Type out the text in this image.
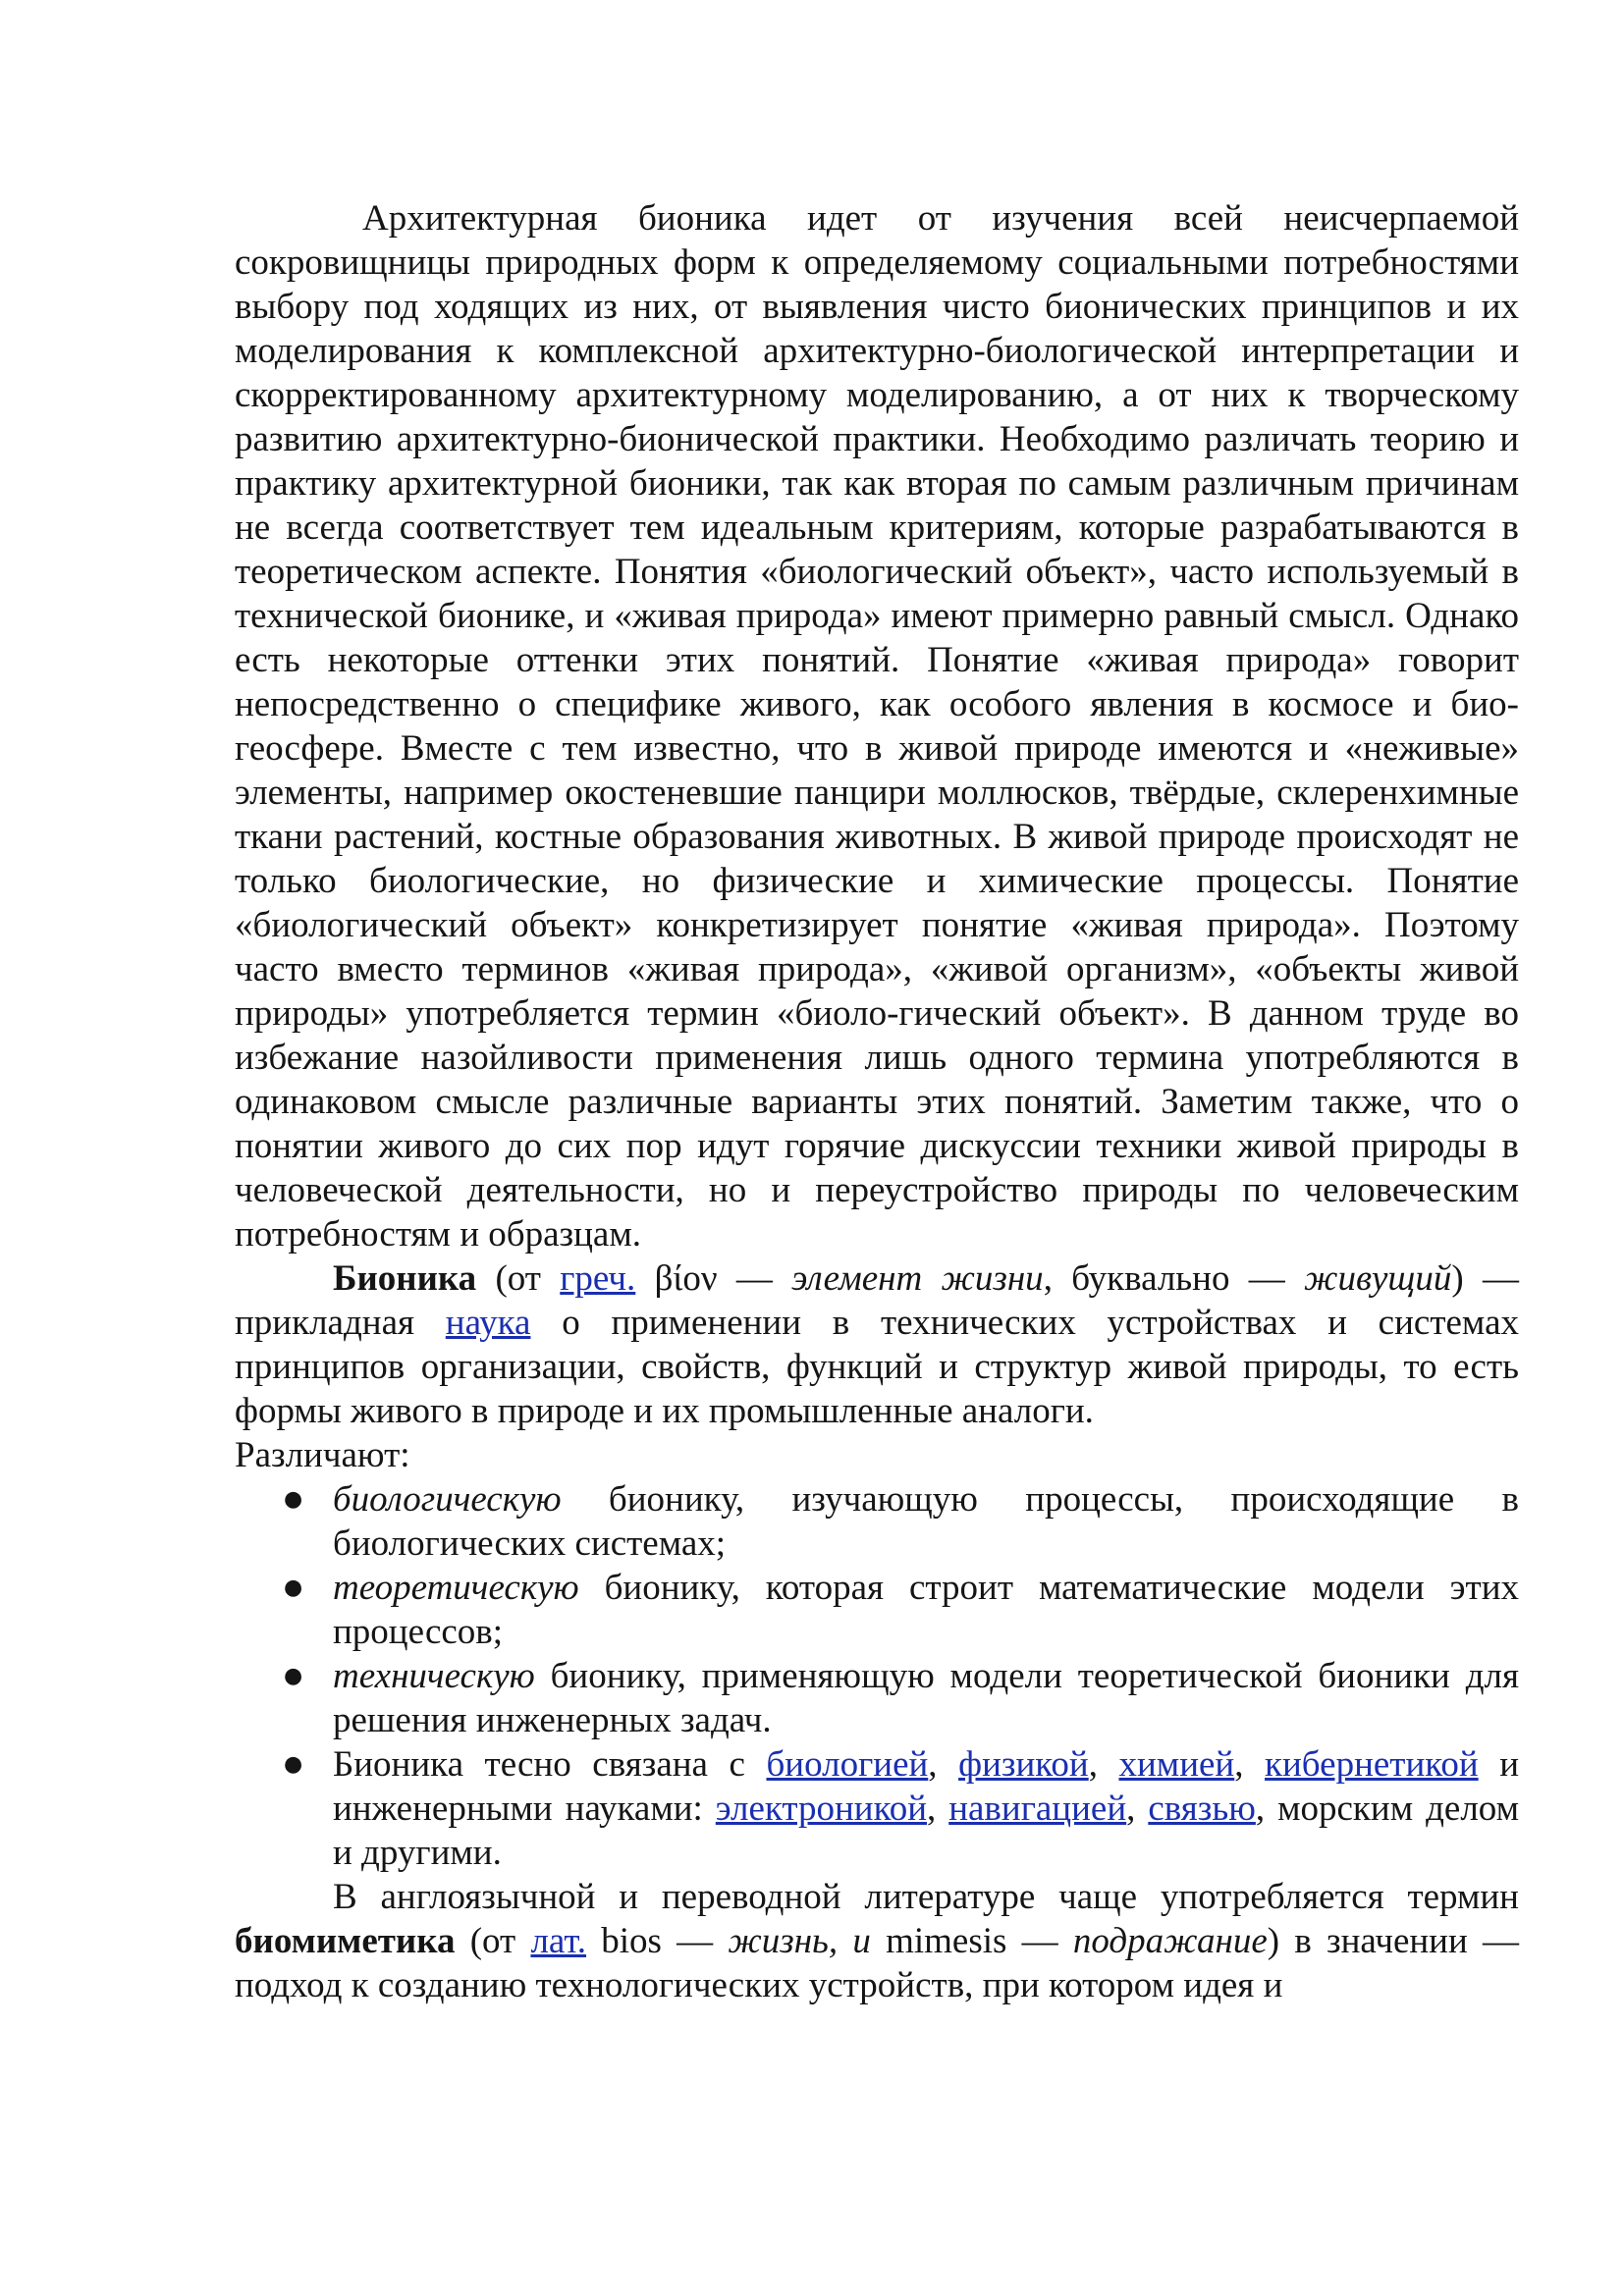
Архитектурная бионика идет от изучения всей неисчерпаемой сокровищницы природных форм к определяемому социальными потребностями выбору под ходящих из них, от выявления чисто бионических принципов и их моделирования к комплексной архитектурно-биологической интерпретации и скорректированному архитектурному моделированию, а от них к творческому развитию архитектурно-бионической практики. Необходимо различать теорию и практику архитектурной бионики, так как вторая по самым различным причинам не всегда соответствует тем идеальным критериям, которые разрабатываются в теоретическом аспекте. Понятия «биологический объект», часто используемый в технической бионике, и «живая природа» имеют примерно равный смысл. Однако есть некоторые оттенки этих понятий. Понятие «живая природа» говорит непосредственно о специфике живого, как особого явления в космосе и био-геосфере. Вместе с тем известно, что в живой природе имеются и «неживые» элементы, например окостеневшие панцири моллюсков, твёрдые, склеренхимные ткани растений, костные образования животных. В живой природе происходят не только биологические, но физические и химические процессы. Понятие «биологический объект» конкретизирует понятие «живая природа». Поэтому часто вместо терминов «живая природа», «живой организм», «объекты живой природы» употребляется термин «биоло-гический объект». В данном труде во избежание назойливости применения лишь одного термина употребляются в одинаковом смысле различные варианты этих понятий. Заметим также, что о понятии живого до сих пор идут горячие дискуссии техники живой природы в человеческой деятельности, но и переустройство природы по человеческим потребностям и образцам.

Бионика (от греч. βίον — элемент жизни, буквально — живущий) — прикладная наука о применении в технических устройствах и системах принципов организации, свойств, функций и структур живой природы, то есть формы живого в природе и их промышленные аналоги.

Различают:

● биологическую бионику, изучающую процессы, происходящие в биологических системах;
● теоретическую бионику, которая строит математические модели этих процессов;
● техническую бионику, применяющую модели теоретической бионики для решения инженерных задач.
● Бионика тесно связана с биологией, физикой, химией, кибернетикой и инженерными науками: электроникой, навигацией, связью, морским делом и другими.

В англоязычной и переводной литературе чаще употребляется термин биомиметика (от лат. bios — жизнь, и mimesis — подражание) в значении — подход к созданию технологических устройств, при котором идея и
